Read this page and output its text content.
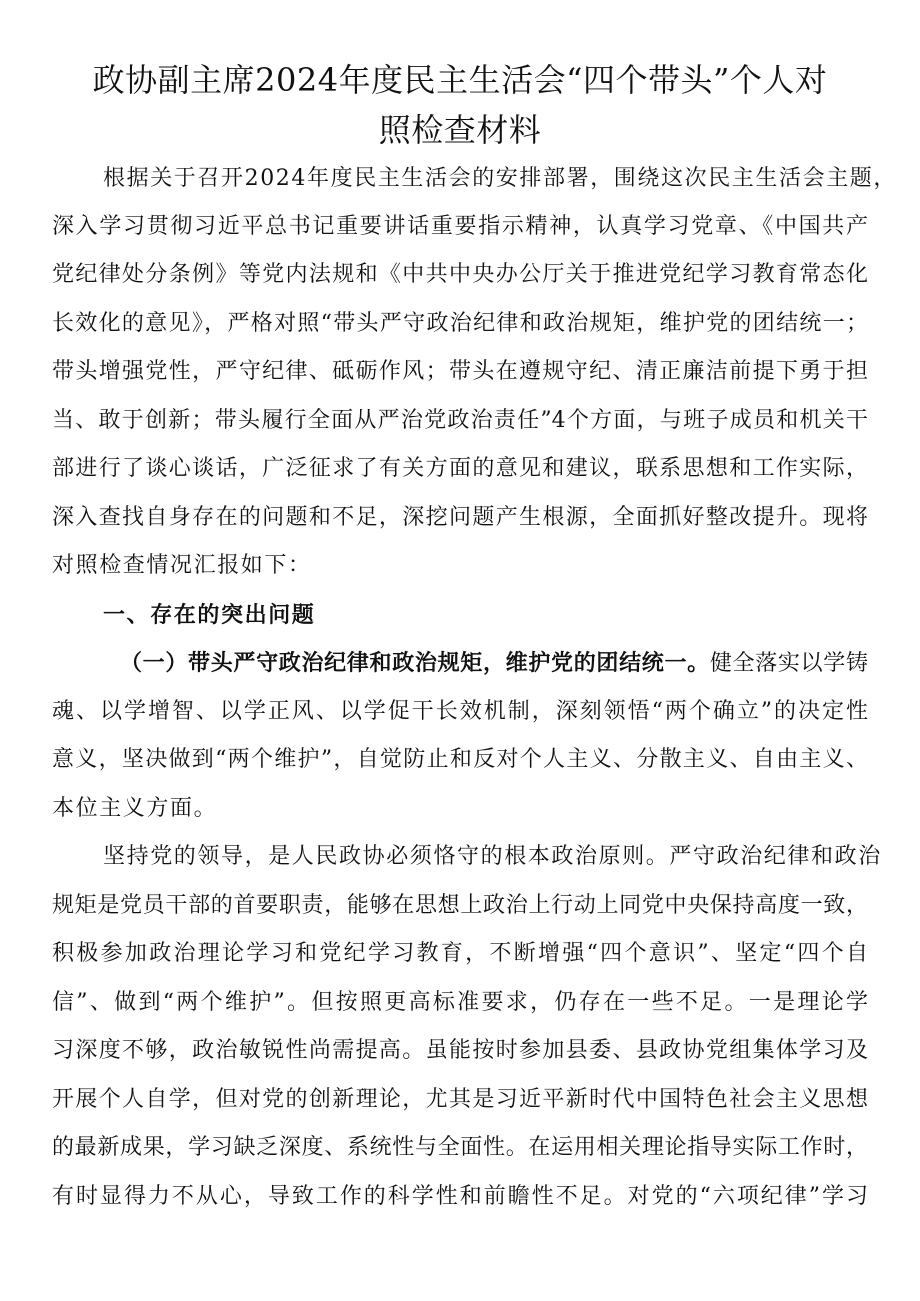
政协副主席2024年度民主生活会“四个带头”个人对
照检查材料
根据关于召开2024年度民主生活会的安排部署，围绕这次民主生活会主题，
深入学习贯彻习近平总书记重要讲话重要指示精神，认真学习党章、《中国共产
党纪律处分条例》等党内法规和《中共中央办公厅关于推进党纪学习教育常态化
长效化的意见》，严格对照“带头严守政治纪律和政治规矩，维护党的团结统一；
带头增强党性，严守纪律、砥砺作风；带头在遵规守纪、清正廉洁前提下勇于担
当、敢于创新；带头履行全面从严治党政治责任”4个方面，与班子成员和机关干
部进行了谈心谈话，广泛征求了有关方面的意见和建议，联系思想和工作实际，
深入查找自身存在的问题和不足，深挖问题产生根源，全面抓好整改提升。现将
对照检查情况汇报如下：
一、存在的突出问题
（一）带头严守政治纪律和政治规矩，维护党的团结统一。健全落实以学铸
魂、以学增智、以学正风、以学促干长效机制，深刻领悟“两个确立”的决定性
意义，坚决做到“两个维护”，自觉防止和反对个人主义、分散主义、自由主义、
本位主义方面。
坚持党的领导，是人民政协必须恪守的根本政治原则。严守政治纪律和政治
规矩是党员干部的首要职责，能够在思想上政治上行动上同党中央保持高度一致，
积极参加政治理论学习和党纪学习教育，不断增强“四个意识”、坚定“四个自
信”、做到“两个维护”。但按照更高标准要求，仍存在一些不足。一是理论学
习深度不够，政治敏锐性尚需提高。虽能按时参加县委、县政协党组集体学习及
开展个人自学，但对党的创新理论，尤其是习近平新时代中国特色社会主义思想
的最新成果，学习缺乏深度、系统性与全面性。在运用相关理论指导实际工作时，
有时显得力不从心，导致工作的科学性和前瞻性不足。对党的“六项纪律”学习
